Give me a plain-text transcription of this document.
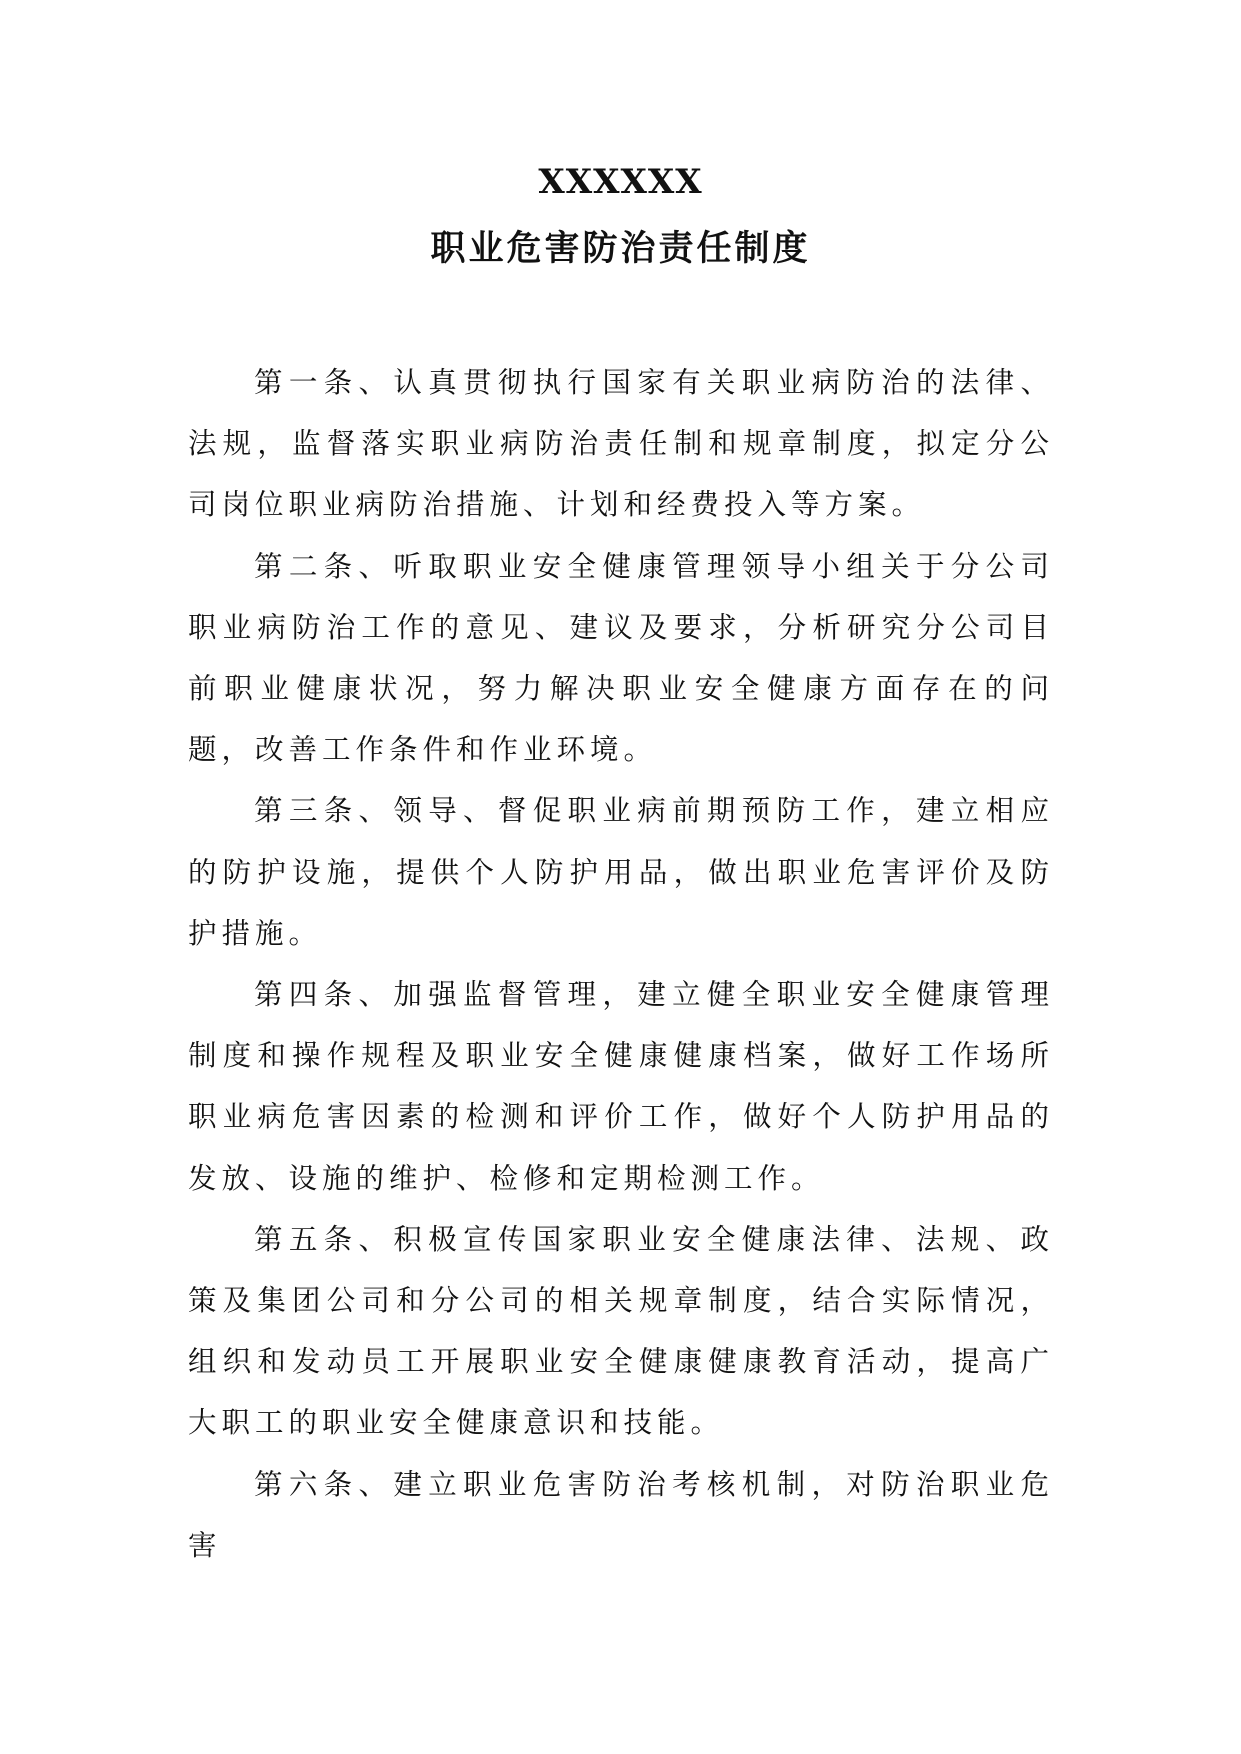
XXXXXX
职业危害防治责任制度

第一条、认真贯彻执行国家有关职业病防治的法律、法规，监督落实职业病防治责任制和规章制度，拟定分公司岗位职业病防治措施、计划和经费投入等方案。

第二条、听取职业安全健康管理领导小组关于分公司职业病防治工作的意见、建议及要求，分析研究分公司目前职业健康状况，努力解决职业安全健康方面存在的问题，改善工作条件和作业环境。

第三条、领导、督促职业病前期预防工作，建立相应的防护设施，提供个人防护用品，做出职业危害评价及防护措施。

第四条、加强监督管理，建立健全职业安全健康管理制度和操作规程及职业安全健康健康档案，做好工作场所职业病危害因素的检测和评价工作，做好个人防护用品的发放、设施的维护、检修和定期检测工作。

第五条、积极宣传国家职业安全健康法律、法规、政策及集团公司和分公司的相关规章制度，结合实际情况，组织和发动员工开展职业安全健康健康教育活动，提高广大职工的职业安全健康意识和技能。

第六条、建立职业危害防治考核机制，对防治职业危害
